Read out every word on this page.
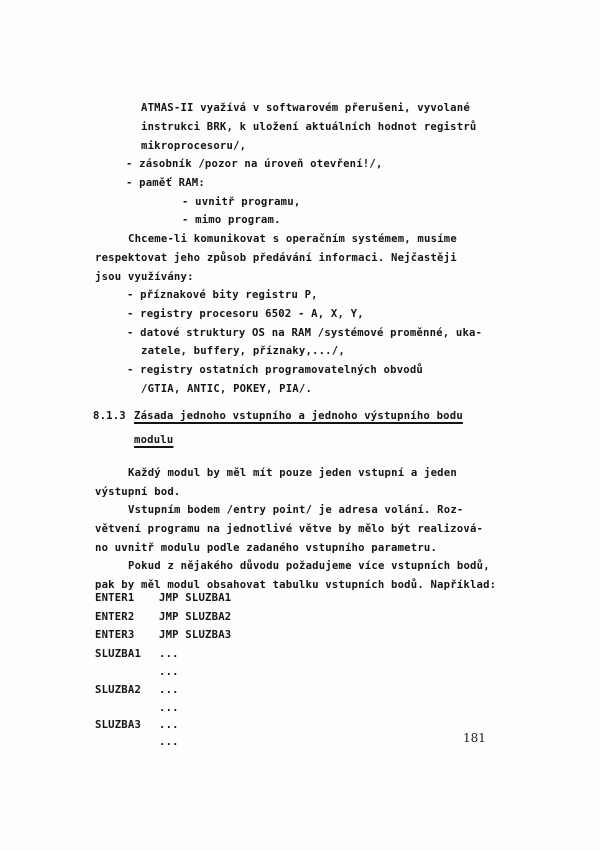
ATMAS-II vyažívá v softwarovém přerušeni, vyvolané
instrukci BRK, k uložení aktuálních hodnot registrů
mikroprocesoru/,
- zásobník /pozor na úroveň otevření!/,
- paměť RAM:
- uvnitř programu,
- mimo program.
Chceme-li komunikovat s operačním systémem, musíme
respektovat jeho způsob předávání informaci. Nejčastěji
jsou využívány:
- příznakové bity registru P,
- registry procesoru 6502 - A, X, Y,
- datové struktury OS na RAM /systémové proměnné, uka-
zatele, buffery, příznaky,.../,
- registry ostatních programovatelných obvodů
/GTIA, ANTIC, POKEY, PIA/.
8.1.3 Zásada jednoho vstupního a jednoho výstupního bodu
modulu
Každý modul by měl mít pouze jeden vstupní a jeden
výstupní bod.
Vstupním bodem /entry point/ je adresa volání. Roz-
větvení programu na jednotlivé větve by mělo být realizová-
no uvnitř modulu podle zadaného vstupního parametru.
Pokud z nějakého důvodu požadujeme více vstupních bodů,
pak by měl modul obsahovat tabulku vstupních bodů. Například:
ENTER1 JMP SLUZBA1
ENTER2 JMP SLUZBA2
ENTER3 JMP SLUZBA3
SLUZBA1 ...
...
SLUZBA2 ...
...
SLUZBA3 ...
...	181
